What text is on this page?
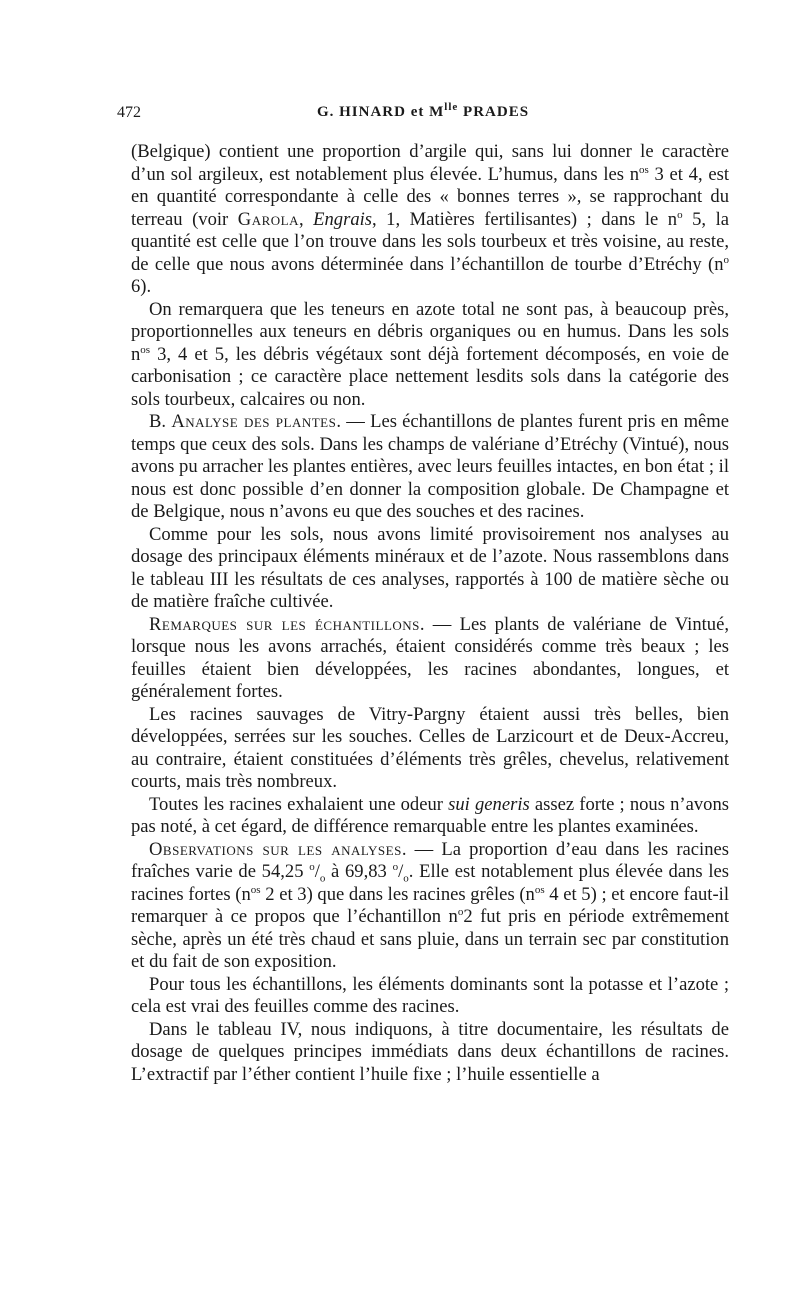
472	G. HINARD et $M^{lle}$ PRADES

(Belgique) contient une proportion d’argile qui, sans lui donner le caractère d’un sol argileux, est notablement plus élevée. L’humus, dans les $n^{os}$ 3 et 4, est en quantité correspondante à celle des « bonnes terres », se rapprochant du terreau (voir Garola, Engrais, 1, Matières fertilisantes) ; dans le $n^o$ 5, la quantité est celle que l’on trouve dans les sols tourbeux et très voisine, au reste, de celle que nous avons déterminée dans l’échantillon de tourbe d’Etréchy ($n^o$ 6).

On remarquera que les teneurs en azote total ne sont pas, à beaucoup près, proportionnelles aux teneurs en débris organiques ou en humus. Dans les sols $n^{os}$ 3, 4 et 5, les débris végétaux sont déjà fortement décomposés, en voie de carbonisation ; ce caractère place nettement lesdits sols dans la catégorie des sols tourbeux, calcaires ou non.

B. Analyse des plantes. — Les échantillons de plantes furent pris en même temps que ceux des sols. Dans les champs de valériane d’Etréchy (Vintué), nous avons pu arracher les plantes entières, avec leurs feuilles intactes, en bon état ; il nous est donc possible d’en donner la composition globale. De Champagne et de Belgique, nous n’avons eu que des souches et des racines.

Comme pour les sols, nous avons limité provisoirement nos analyses au dosage des principaux éléments minéraux et de l’azote. Nous rassemblons dans le tableau III les résultats de ces analyses, rapportés à 100 de matière sèche ou de matière fraîche cultivée.

Remarques sur les échantillons. — Les plants de valériane de Vintué, lorsque nous les avons arrachés, étaient considérés comme très beaux ; les feuilles étaient bien développées, les racines abondantes, longues, et généralement fortes.

Les racines sauvages de Vitry-Pargny étaient aussi très belles, bien développées, serrées sur les souches. Celles de Larzicourt et de Deux-Accreu, au contraire, étaient constituées d’éléments très grêles, chevelus, relativement courts, mais très nombreux.

Toutes les racines exhalaient une odeur sui generis assez forte ; nous n’avons pas noté, à cet égard, de différence remarquable entre les plantes examinées.

Observations sur les analyses. — La proportion d’eau dans les racines fraîches varie de 54,25 $^o/_o$ à 69,83 $^o/_o$. Elle est notablement plus élevée dans les racines fortes ($n^{os}$ 2 et 3) que dans les racines grêles ($n^{os}$ 4 et 5) ; et encore faut-il remarquer à ce propos que l’échantillon $n^o2$ fut pris en période extrêmement sèche, après un été très chaud et sans pluie, dans un terrain sec par constitution et du fait de son exposition.

Pour tous les échantillons, les éléments dominants sont la potasse et l’azote ; cela est vrai des feuilles comme des racines.

Dans le tableau IV, nous indiquons, à titre documentaire, les résultats de dosage de quelques principes immédiats dans deux échantillons de racines. L’extractif par l’éther contient l’huile fixe ; l’huile essentielle a
